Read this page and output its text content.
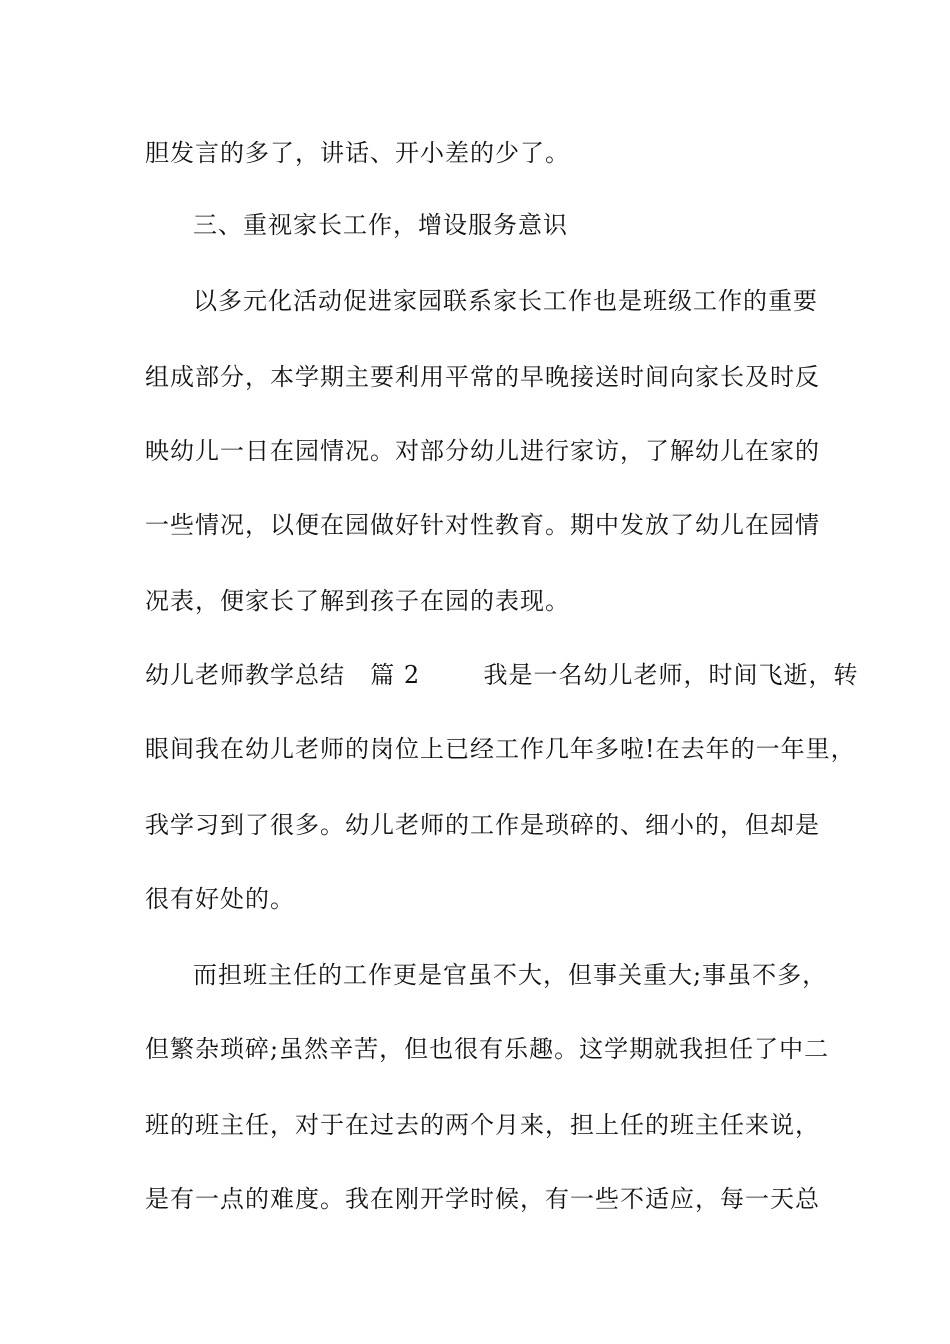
胆发言的多了，讲话、开小差的少了。
三、重视家长工作，增设服务意识
以多元化活动促进家园联系家长工作也是班级工作的重要
组成部分，本学期主要利用平常的早晚接送时间向家长及时反
映幼儿一日在园情况。对部分幼儿进行家访，了解幼儿在家的
一些情况，以便在园做好针对性教育。期中发放了幼儿在园情
况表，便家长了解到孩子在园的表现。
幼儿老师教学总结 篇 2	我是一名幼儿老师，时间飞逝，转
眼间我在幼儿老师的岗位上已经工作几年多啦!在去年的一年里，
我学习到了很多。幼儿老师的工作是琐碎的、细小的，但却是
很有好处的。
而担班主任的工作更是官虽不大，但事关重大;事虽不多，
但繁杂琐碎;虽然辛苦，但也很有乐趣。这学期就我担任了中二
班的班主任，对于在过去的两个月来，担上任的班主任来说，
是有一点的难度。我在刚开学时候，有一些不适应，每一天总
